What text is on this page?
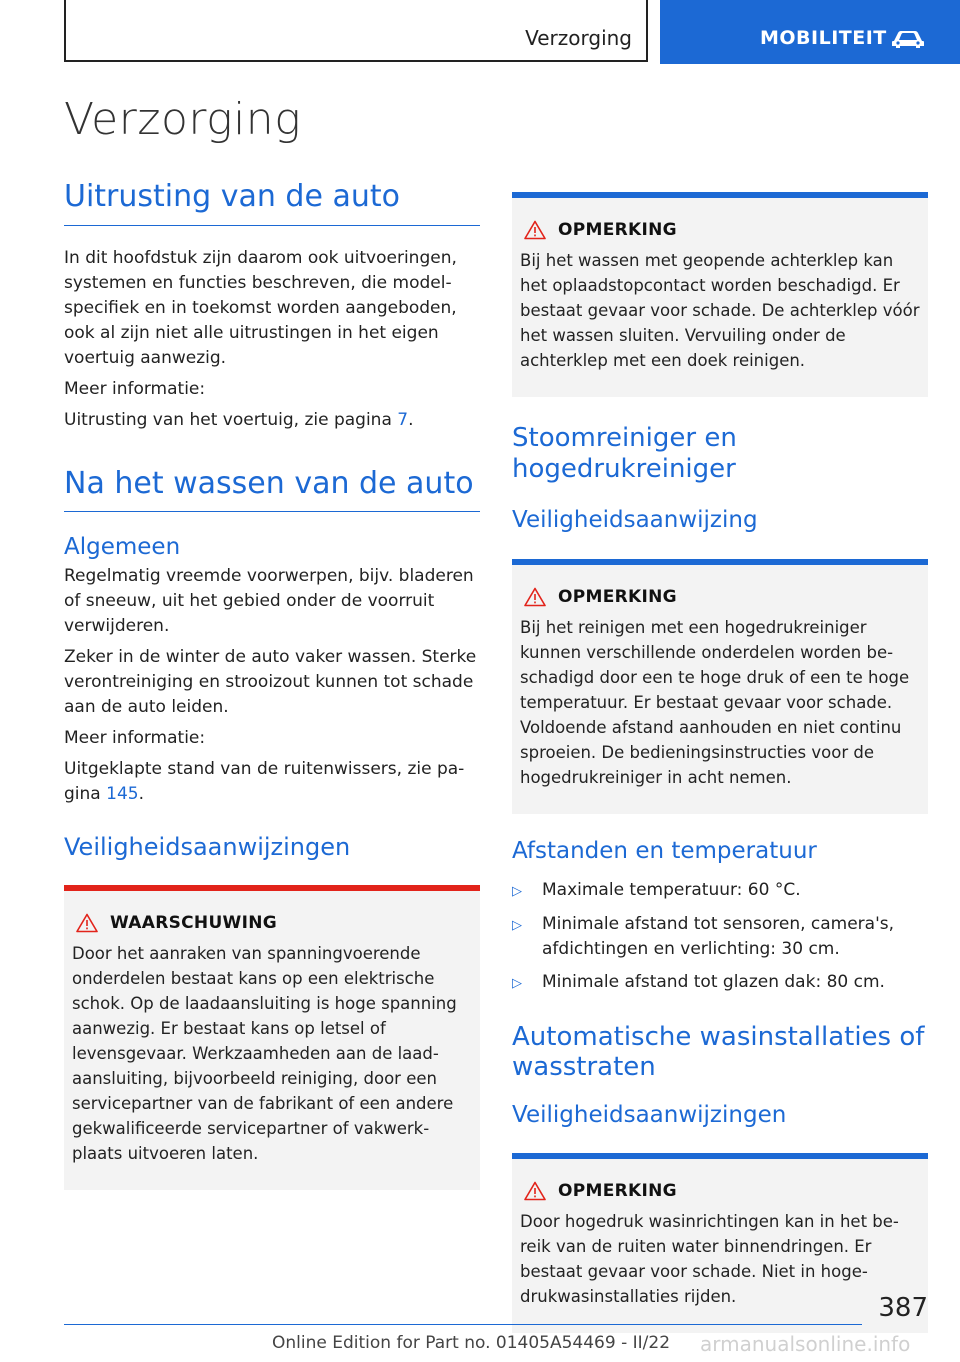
Verzorging	MOBILITEIT
Verzorging
Uitrusting van de auto

In dit hoofdstuk zijn daarom ook uitvoeringen, systemen en functies beschreven, die modelspecifiek en in toekomst worden aangeboden, ook al zijn niet alle uitrustingen in het eigen voertuig aanwezig.

Meer informatie:

Uitrusting van het voertuig, zie pagina 7.

Na het wassen van de auto
Algemeen

Regelmatig vreemde voorwerpen, bijv. bladeren of sneeuw, uit het gebied onder de voorruit verwijderen.

Zeker in de winter de auto vaker wassen. Sterke verontreiniging en strooizout kunnen tot schade aan de auto leiden.

Meer informatie:

Uitgeklapte stand van de ruitenwissers, zie pagina 145.

Veiligheidsaanwijzingen
WAARSCHUWING

Door het aanraken van spanningvoerende onderdelen bestaat kans op een elektrische schok. Op de laadaansluiting is hoge spanning aanwezig. Er bestaat kans op letsel of levensgevaar. Werkzaamheden aan de laadaansluiting, bijvoorbeeld reiniging, door een servicepartner van de fabrikant of een andere gekwalificeerde servicepartner of vakwerkplaats uitvoeren laten.

OPMERKING

Bij het wassen met geopende achterklep kan het oplaadstopcontact worden beschadigd. Er bestaat gevaar voor schade. De achterklep vóór het wassen sluiten. Vervuiling onder de achterklep met een doek reinigen.

Stoomreiniger en hogedrukreiniger
Veiligheidsaanwijzing
OPMERKING

Bij het reinigen met een hogedrukreiniger kunnen verschillende onderdelen worden beschadigd door een te hoge druk of een te hoge temperatuur. Er bestaat gevaar voor schade. Voldoende afstand aanhouden en niet continu sproeien. De bedieningsinstructies voor de hogedrukreiniger in acht nemen.

Afstanden en temperatuur
▷	Maximale temperatuur: 60 °C.
▷	Minimale afstand tot sensoren, camera's, afdichtingen en verlichting: 30 cm.
▷	Minimale afstand tot glazen dak: 80 cm.
Automatische wasinstallaties of wasstraten
Veiligheidsaanwijzingen
OPMERKING

Door hogedruk wasinrichtingen kan in het bereik van de ruiten water binnendringen. Er bestaat gevaar voor schade. Niet in hogedrukwasinstallaties rijden.	387
Online Edition for Part no. 01405A54469 - II/22 armanualsonline.info
